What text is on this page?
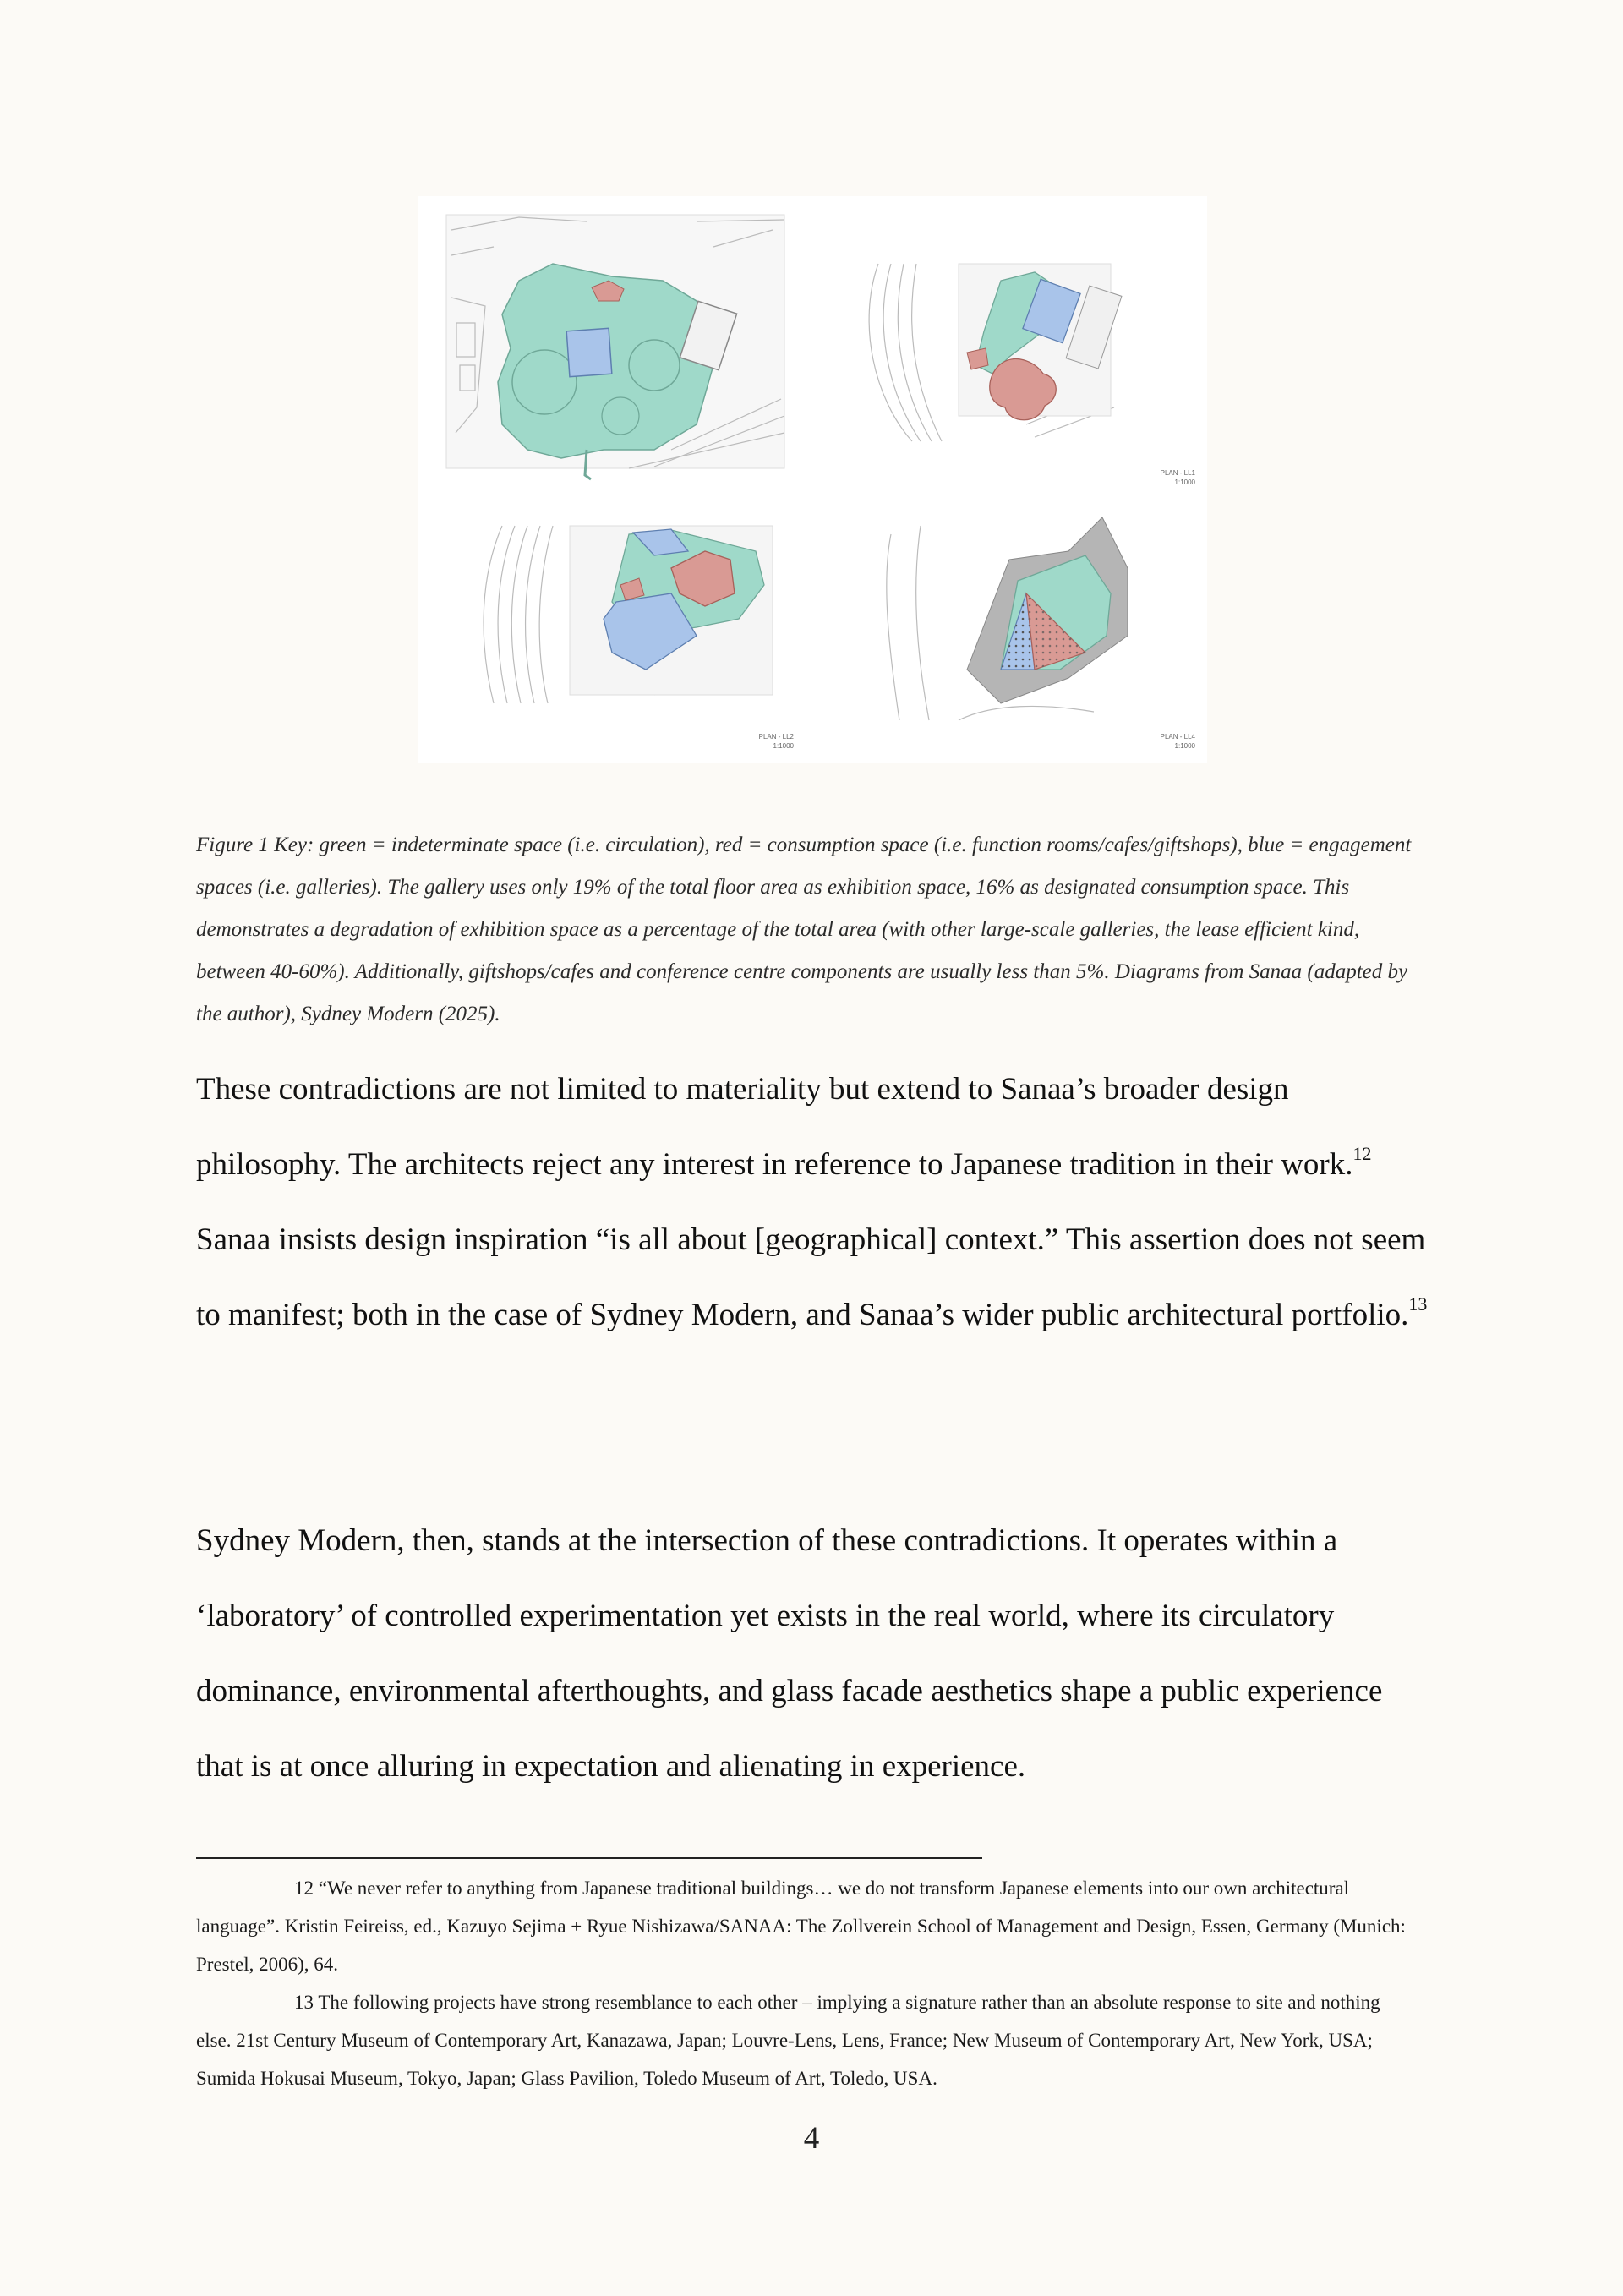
PLAN - LL1
1:1000
PLAN - LL2
1:1000
PLAN - LL4
1:1000

Figure 1 Key: green = indeterminate space (i.e. circulation), red = consumption space (i.e. function rooms/cafes/giftshops), blue = engagement spaces (i.e. galleries). The gallery uses only 19% of the total floor area as exhibition space, 16% as designated consumption space. This demonstrates a degradation of exhibition space as a percentage of the total area (with other large-scale galleries, the lease efficient kind, between 40-60%). Additionally, giftshops/cafes and conference centre components are usually less than 5%. Diagrams from Sanaa (adapted by the author), Sydney Modern (2025).

These contradictions are not limited to materiality but extend to Sanaa’s broader design philosophy. The architects reject any interest in reference to Japanese tradition in their work.$^{12}$ Sanaa insists design inspiration “is all about [geographical] context.” This assertion does not seem to manifest; both in the case of Sydney Modern, and Sanaa’s wider public architectural portfolio.$^{13}$

Sydney Modern, then, stands at the intersection of these contradictions. It operates within a ‘laboratory’ of controlled experimentation yet exists in the real world, where its circulatory dominance, environmental afterthoughts, and glass facade aesthetics shape a public experience that is at once alluring in expectation and alienating in experience.

12 “We never refer to anything from Japanese traditional buildings… we do not transform Japanese elements into our own architectural language”. Kristin Feireiss, ed., Kazuyo Sejima + Ryue Nishizawa/SANAA: The Zollverein School of Management and Design, Essen, Germany (Munich: Prestel, 2006), 64.

13 The following projects have strong resemblance to each other – implying a signature rather than an absolute response to site and nothing else. 21st Century Museum of Contemporary Art, Kanazawa, Japan; Louvre-Lens, Lens, France; New Museum of Contemporary Art, New York, USA; Sumida Hokusai Museum, Tokyo, Japan; Glass Pavilion, Toledo Museum of Art, Toledo, USA.

4
